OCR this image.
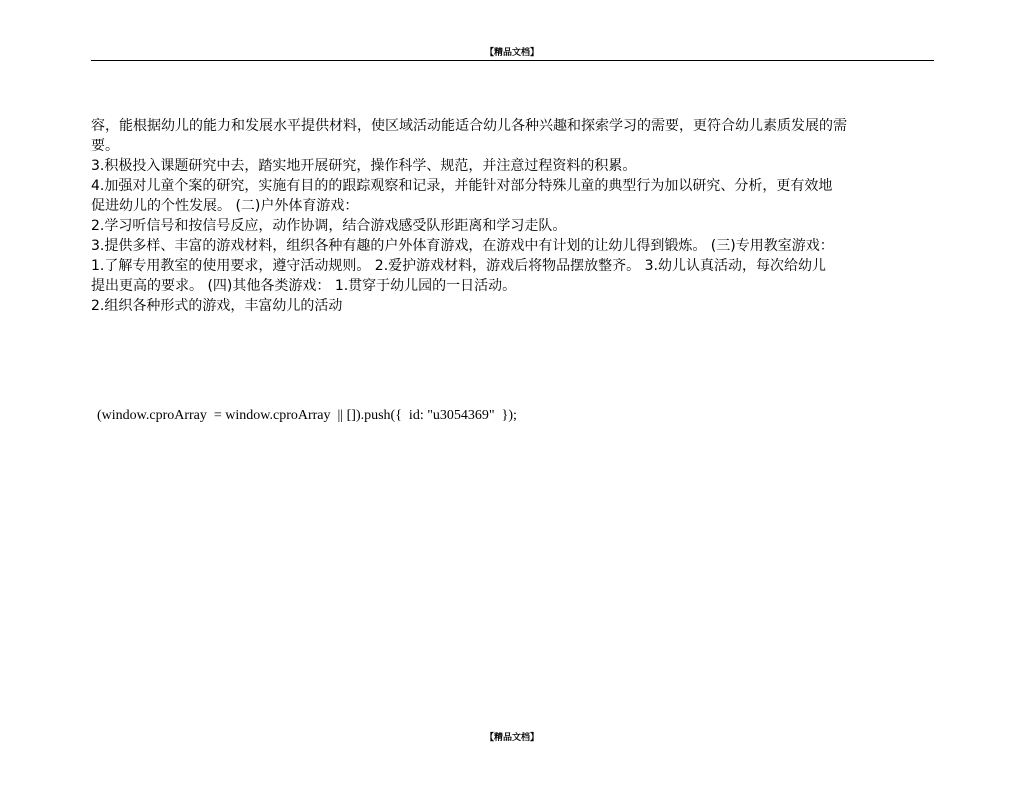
【精品文档】
容，能根据幼儿的能力和发展水平提供材料，使区域活动能适合幼儿各种兴趣和探索学习的需要，更符合幼儿素质发展的需
要。
3.积极投入课题研究中去，踏实地开展研究，操作科学、规范，并注意过程资料的积累。
4.加强对儿童个案的研究，实施有目的的跟踪观察和记录，并能针对部分特殊儿童的典型行为加以研究、分析，更有效地
促进幼儿的个性发展。 (二)户外体育游戏：
2.学习听信号和按信号反应，动作协调，结合游戏感受队形距离和学习走队。
3.提供多样、丰富的游戏材料，组织各种有趣的户外体育游戏，在游戏中有计划的让幼儿得到锻炼。 (三)专用教室游戏：
1.了解专用教室的使用要求，遵守活动规则。 2.爱护游戏材料，游戏后将物品摆放整齐。 3.幼儿认真活动，每次给幼儿
提出更高的要求。 (四)其他各类游戏： 1.贯穿于幼儿园的一日活动。
2.组织各种形式的游戏，丰富幼儿的活动
(window.cproArray  = window.cproArray  || []).push({  id: "u3054369"  });
【精品文档】
